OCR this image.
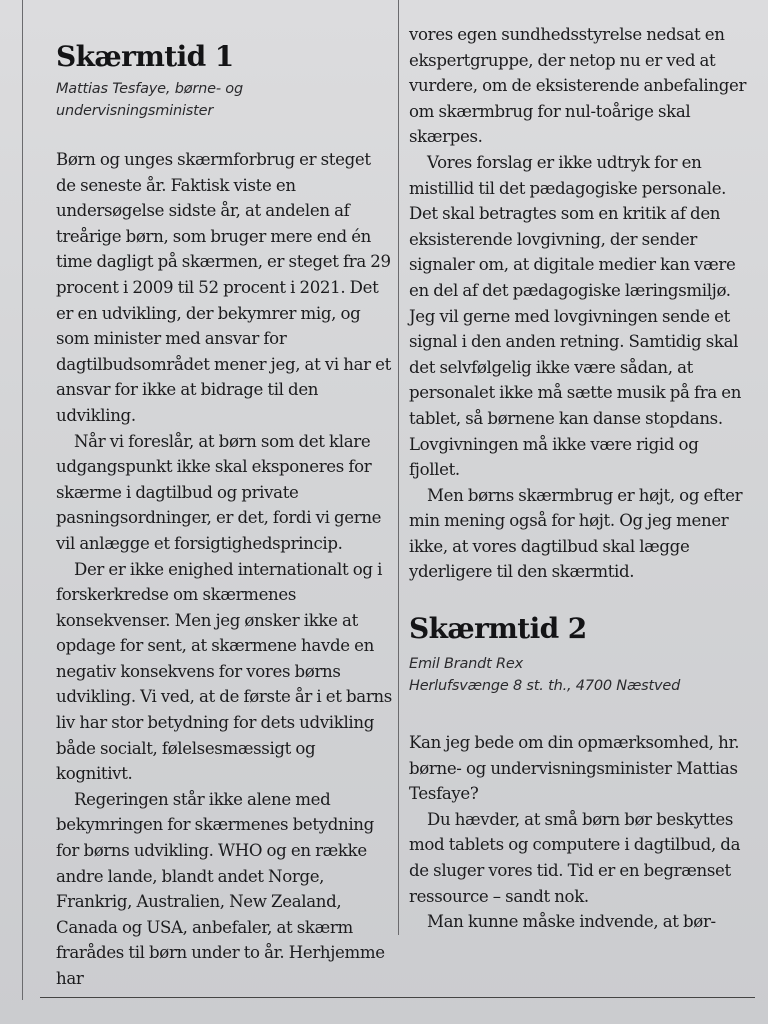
Skærmtid 1
Mattias Tesfaye, børne- og
undervisningsminister

Børn og unges skærmforbrug er steget de seneste år. Faktisk viste en undersøgelse sidste år, at andelen af treårige børn, som bruger mere end én time dagligt på skærmen, er steget fra 29 procent i 2009 til 52 procent i 2021. Det er en udvikling, der bekymrer mig, og som minister med ansvar for dagtilbudsområdet mener jeg, at vi har et ansvar for ikke at bidrage til den udvikling.

Når vi foreslår, at børn som det klare udgangspunkt ikke skal eksponeres for skærme i dagtilbud og private pasningsordninger, er det, fordi vi gerne vil anlægge et forsigtighedsprincip.

Der er ikke enighed internationalt og i forskerkredse om skærmenes konsekvenser. Men jeg ønsker ikke at opdage for sent, at skærmene havde en negativ konsekvens for vores børns udvikling. Vi ved, at de første år i et barns liv har stor betydning for dets udvikling både socialt, følelsesmæssigt og kognitivt.

Regeringen står ikke alene med bekymringen for skærmenes betydning for børns udvikling. WHO og en række andre lande, blandt andet Norge, Frankrig, Australien, New Zealand, Canada og USA, anbefaler, at skærm frarådes til børn under to år. Herhjemme har

vores egen sundhedsstyrelse nedsat en ekspertgruppe, der netop nu er ved at vurdere, om de eksisterende anbefalinger om skærmbrug for nul-toårige skal skærpes.

Vores forslag er ikke udtryk for en mistillid til det pædagogiske personale. Det skal betragtes som en kritik af den eksisterende lovgivning, der sender signaler om, at digitale medier kan være en del af det pædagogiske læringsmiljø. Jeg vil gerne med lovgivningen sende et signal i den anden retning. Samtidig skal det selvfølgelig ikke være sådan, at personalet ikke må sætte musik på fra en tablet, så børnene kan danse stopdans. Lovgivningen må ikke være rigid og fjollet.

Men børns skærmbrug er højt, og efter min mening også for højt. Og jeg mener ikke, at vores dagtilbud skal lægge yderligere til den skærmtid.

Skærmtid 2
Emil Brandt Rex
Herlufsvænge 8 st. th., 4700 Næstved

Kan jeg bede om din opmærksomhed, hr. børne- og undervisningsminister Mattias Tesfaye?

Du hævder, at små børn bør beskyttes mod tablets og computere i dagtilbud, da de sluger vores tid. Tid er en begrænset ressource – sandt nok.

Man kunne måske indvende, at bør-
